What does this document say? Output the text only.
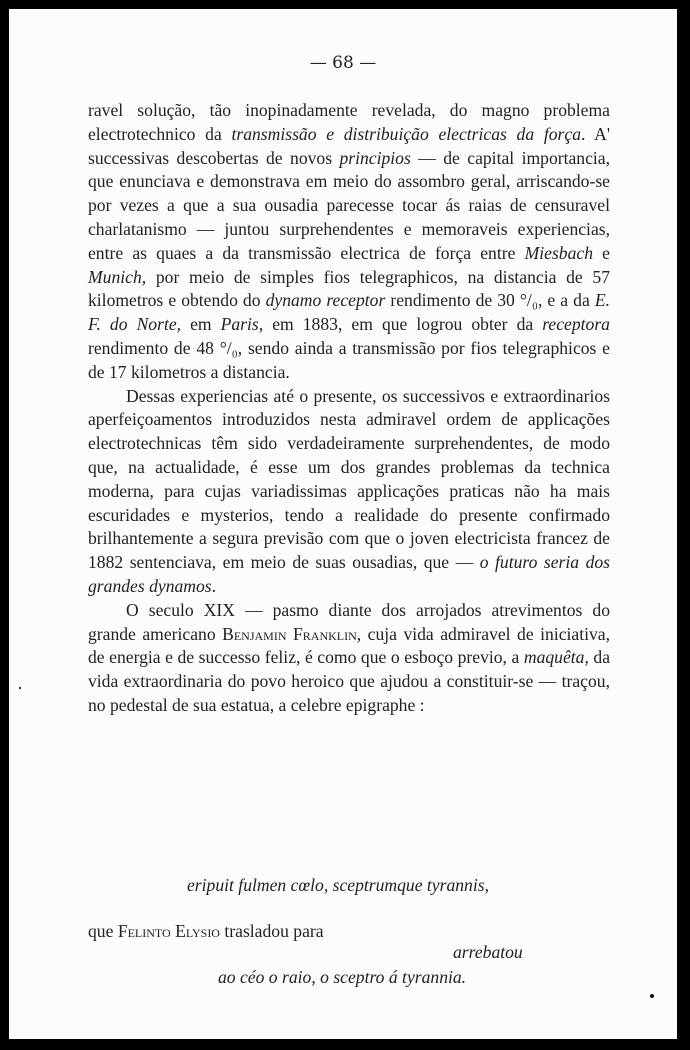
— 68 —

ravel solução, tão inopinadamente revelada, do magno problema electrotechnico da transmissão e distribuição electricas da força. A' successivas descobertas de novos principios — de capital importancia, que enunciava e demonstrava em meio do assombro geral, arriscando-se por vezes a que a sua ousadia parecesse tocar ás raias de censuravel charlatanismo — juntou surprehendentes e memoraveis experiencias, entre as quaes a da transmissão electrica de força entre Miesbach e Munich, por meio de simples fios telegraphicos, na distancia de 57 kilometros e obtendo do dynamo receptor rendimento de 30 °/₀, e a da E. F. do Norte, em Paris, em 1883, em que logrou obter da receptora rendimento de 48 °/₀, sendo ainda a transmissão por fios telegraphicos e de 17 kilometros a distancia.

Dessas experiencias até o presente, os successivos e extraordinarios aperfeiçoamentos introduzidos nesta admiravel ordem de applicações electrotechnicas têm sido verdadeiramente surprehendentes, de modo que, na actualidade, é esse um dos grandes problemas da technica moderna, para cujas variadissimas applicações praticas não ha mais escuridades e mysterios, tendo a realidade do presente confirmado brilhantemente a segura previsão com que o joven electricista francez de 1882 sentenciava, em meio de suas ousadias, que — o futuro seria dos grandes dynamos.

O seculo XIX — pasmo diante dos arrojados atrevimentos do grande americano Benjamin Franklin, cuja vida admiravel de iniciativa, de energia e de successo feliz, é como que o esboço previo, a maquêta, da vida extraordinaria do povo heroico que ajudou a constituir-se — traçou, no pedestal de sua estatua, a celebre epigraphe :

eripuit fulmen cœlo, sceptrumque tyrannis,
que Felinto Elysio trasladou para
arrebatou
ao céo o raio, o sceptro á tyrannia.
